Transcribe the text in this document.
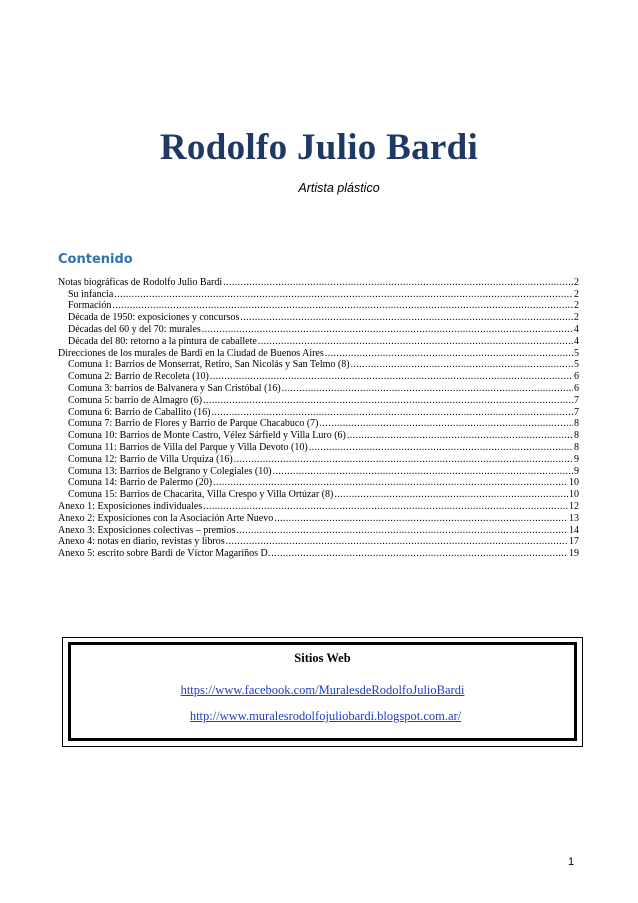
Rodolfo Julio Bardi
Artista plástico
Contenido
Notas biográficas de Rodolfo Julio Bardi .....	2
Su infancia .....	2
Formación .....	2
Década de 1950: exposiciones y concursos .....	2
Décadas del 60 y del 70: murales .....	4
Década del 80: retorno a la pintura de caballete .....	4
Direcciones de los murales de Bardi en la Ciudad de Buenos Aires .....	5
Comuna 1: Barrios de Monserrat, Retiro, San Nicolás y San Telmo (8) .....	5
Comuna 2: Barrio de Recoleta (10) .....	6
Comuna 3: barrios de Balvanera y San Cristóbal (16) .....	6
Comuna 5: barrio de Almagro (6) .....	7
Comuna 6: Barrio de Caballito (16) .....	7
Comuna 7: Barrio de Flores y Barrio de Parque Chacabuco (7) .....	8
Comuna 10: Barrios de Monte Castro, Vélez Sárfield y Villa Luro (6) .....	8
Comuna 11: Barrios de Villa del Parque y Villa Devoto (10) .....	8
Comuna 12: Barrio de Villa Urquiza (16) .....	9
Comuna 13: Barrios de Belgrano y Colegiales (10) .....	9
Comuna 14: Barrio de Palermo (20) .....	10
Comuna 15: Barrios de Chacarita, Villa Crespo y Villa Ortúzar (8) .....	10
Anexo 1: Exposiciones individuales .....	12
Anexo 2: Exposiciones con la Asociación Arte Nuevo .....	13
Anexo 3: Exposiciones colectivas – premios .....	14
Anexo 4: notas en diario, revistas y libros .....	17
Anexo 5: escrito sobre Bardi de Víctor Magariños D. .....	19
Sitios Web
https://www.facebook.com/MuralesdeRodolfoJulioBardi
http://www.muralesrodolfojuliobardi.blogspot.com.ar/
1
